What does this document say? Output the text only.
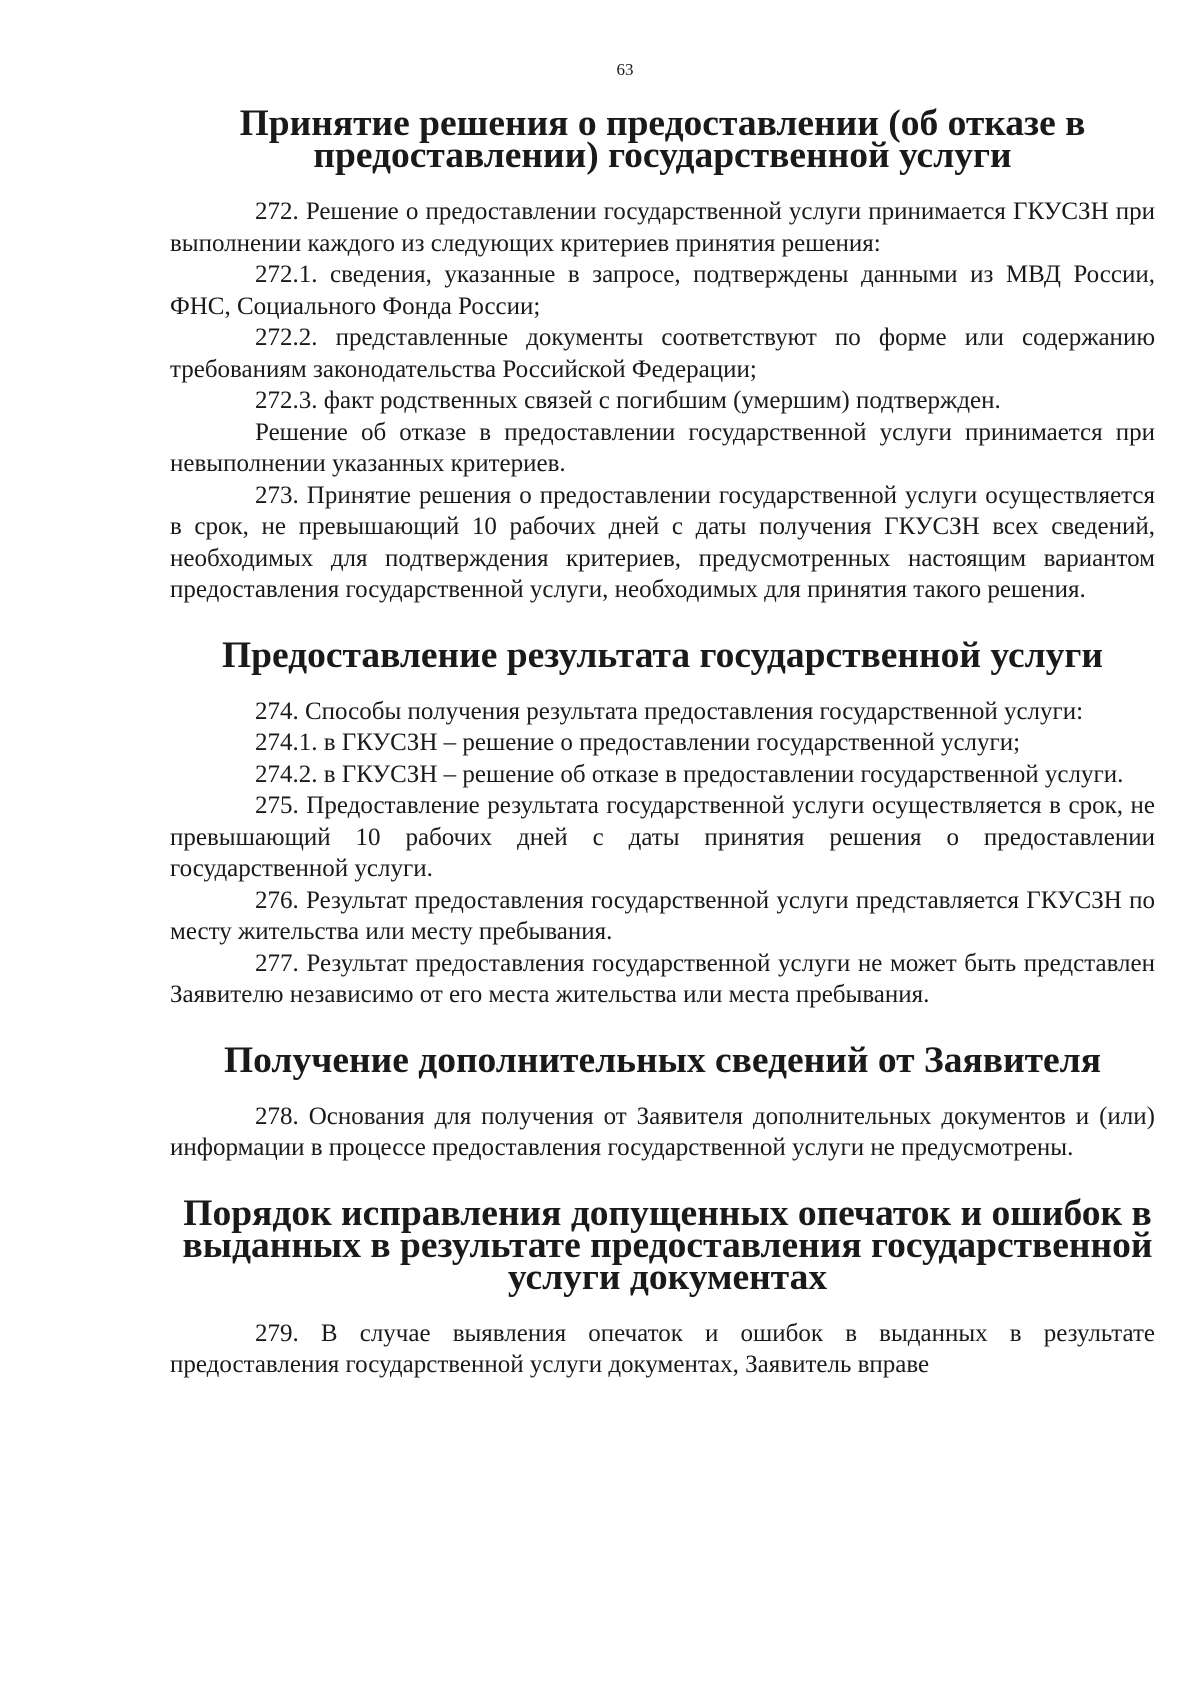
63
Принятие решения о предоставлении (об отказе в предоставлении) государственной услуги

272. Решение о предоставлении государственной услуги принимается ГКУСЗН при выполнении каждого из следующих критериев принятия решения:

272.1. сведения, указанные в запросе, подтверждены данными из МВД России, ФНС, Социального Фонда России;

272.2. представленные документы соответствуют по форме или содержанию требованиям законодательства Российской Федерации;

272.3. факт родственных связей с погибшим (умершим) подтвержден.

Решение об отказе в предоставлении государственной услуги принимается при невыполнении указанных критериев.

273. Принятие решения о предоставлении государственной услуги осуществляется в срок, не превышающий 10 рабочих дней с даты получения ГКУСЗН всех сведений, необходимых для подтверждения критериев, предусмотренных настоящим вариантом предоставления государственной услуги, необходимых для принятия такого решения.

Предоставление результата государственной услуги

274. Способы получения результата предоставления государственной услуги:

274.1. в ГКУСЗН – решение о предоставлении государственной услуги;

274.2. в ГКУСЗН – решение об отказе в предоставлении государственной услуги.

275. Предоставление результата государственной услуги осуществляется в срок, не превышающий 10 рабочих дней с даты принятия решения о предоставлении государственной услуги.

276. Результат предоставления государственной услуги представляется ГКУСЗН по месту жительства или месту пребывания.

277. Результат предоставления государственной услуги не может быть представлен Заявителю независимо от его места жительства или места пребывания.

Получение дополнительных сведений от Заявителя

278. Основания для получения от Заявителя дополнительных документов и (или) информации в процессе предоставления государственной услуги не предусмотрены.

Порядок исправления допущенных опечаток и ошибок в выданных в результате предоставления государственной услуги документах

279. В случае выявления опечаток и ошибок в выданных в результате предоставления государственной услуги документах, Заявитель вправе
